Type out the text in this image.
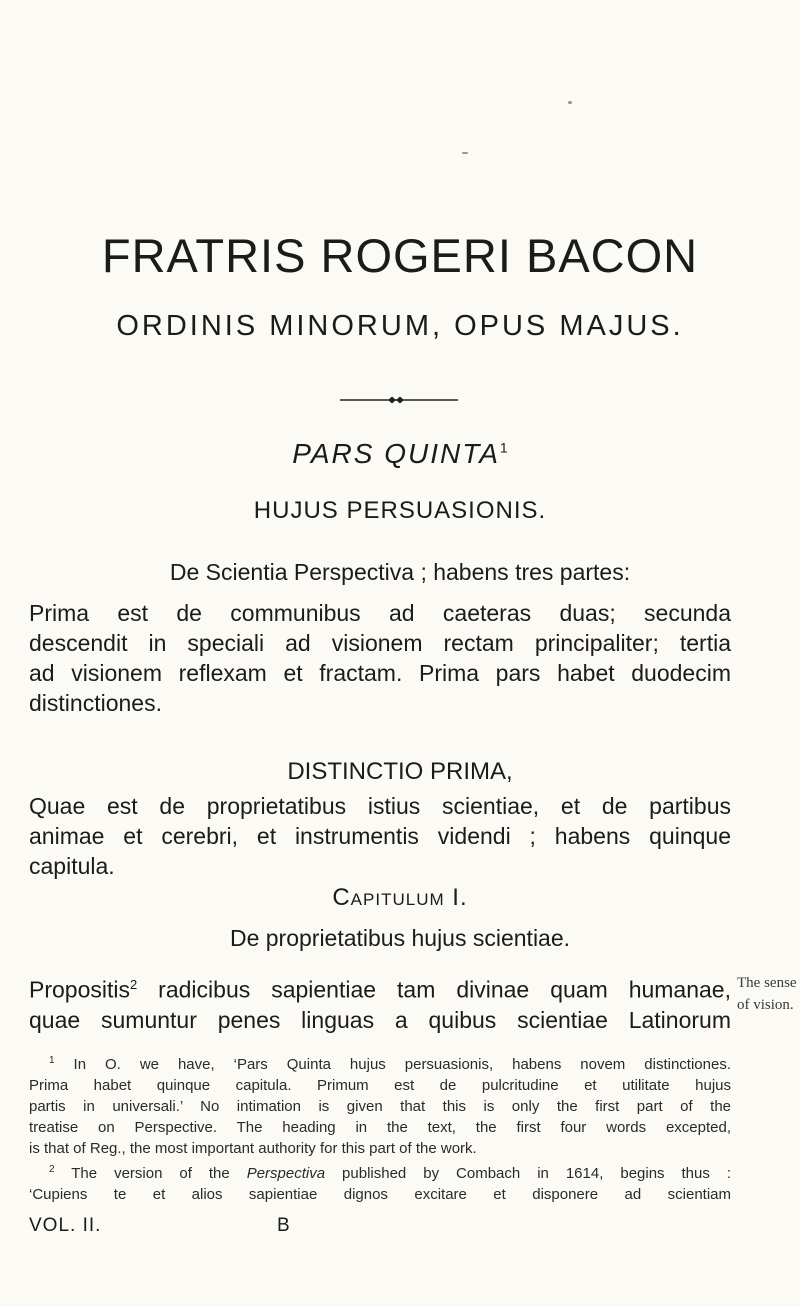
FRATRIS ROGERI BACON
ORDINIS MINORUM, OPUS MAJUS.
PARS QUINTA$^1$
HUJUS PERSUASIONIS.
De Scientia Perspectiva ; habens tres partes:
Prima est de communibus ad caeteras duas; secunda
descendit in speciali ad visionem rectam principaliter; tertia
ad visionem reflexam et fractam. Prima pars habet duodecim
distinctiones.
DISTINCTIO PRIMA,
Quae est de proprietatibus istius scientiae, et de partibus
animae et cerebri, et instrumentis videndi ; habens quinque
capitula.
Capitulum I.
De proprietatibus hujus scientiae.
Propositis$^2$ radicibus sapientiae tam divinae quam humanae,
quae sumuntur penes linguas a quibus scientiae Latinorum
The sense
of vision.
$^1$ In O. we have, ‘Pars Quinta hujus persuasionis, habens novem distinctiones.
Prima habet quinque capitula. Primum est de pulcritudine et utilitate hujus
partis in universali.’ No intimation is given that this is only the first part of the
treatise on Perspective. The heading in the text, the first four words excepted,
is that of Reg., the most important authority for this part of the work.
$^2$ The version of the Perspectiva published by Combach in 1614, begins thus :
‘Cupiens te et alios sapientiae dignos excitare et disponere ad scientiam
VOL. II.	B
